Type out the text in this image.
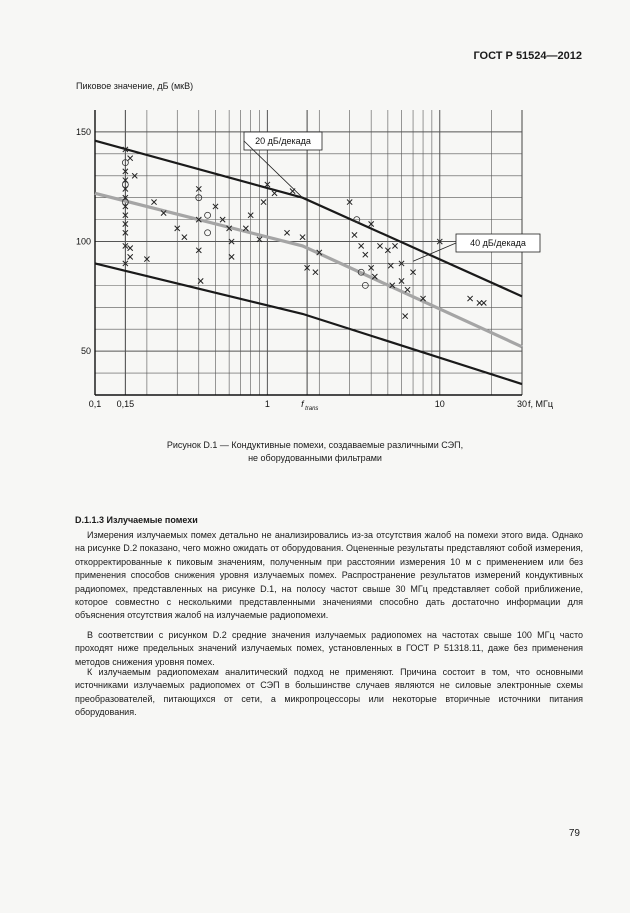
ГОСТ Р 51524—2012
Пиковое значение, дБ (мкВ)
50
100
150
0,1 0,15	1	10	30
f trans	f, МГц
20 дБ/декада
40 дБ/декада
Рисунок D.1 — Кондуктивные помехи, создаваемые различными СЭП,
не оборудованными фильтрами
D.1.1.3 Излучаемые помехи

Измерения излучаемых помех детально не анализировались из-за отсутствия жалоб на помехи этого вида. Однако на рисунке D.2 показано, чего можно ожидать от оборудования. Оцененные результаты представляют собой измерения, откорректированные к пиковым значениям, полученным при расстоянии измерения 10 м с применением или без применения способов снижения уровня излучаемых помех. Распространение результатов измерений кондуктивных радиопомех, представленных на рисунке D.1, на полосу частот свыше 30 МГц представляет собой приближение, которое совместно с несколькими представленными значениями способно дать достаточно информации для объяснения отсутствия жалоб на излучаемые радиопомехи.

В соответствии с рисунком D.2 средние значения излучаемых радиопомех на частотах свыше 100 МГц часто проходят ниже предельных значений излучаемых помех, установленных в ГОСТ Р 51318.11, даже без применения методов снижения уровня помех.

К излучаемым радиопомехам аналитический подход не применяют. Причина состоит в том, что основными источниками излучаемых радиопомех от СЭП в большинстве случаев являются не силовые электронные схемы преобразователей, питающихся от сети, а микропроцессоры или некоторые вторичные источники питания оборудования.

79
